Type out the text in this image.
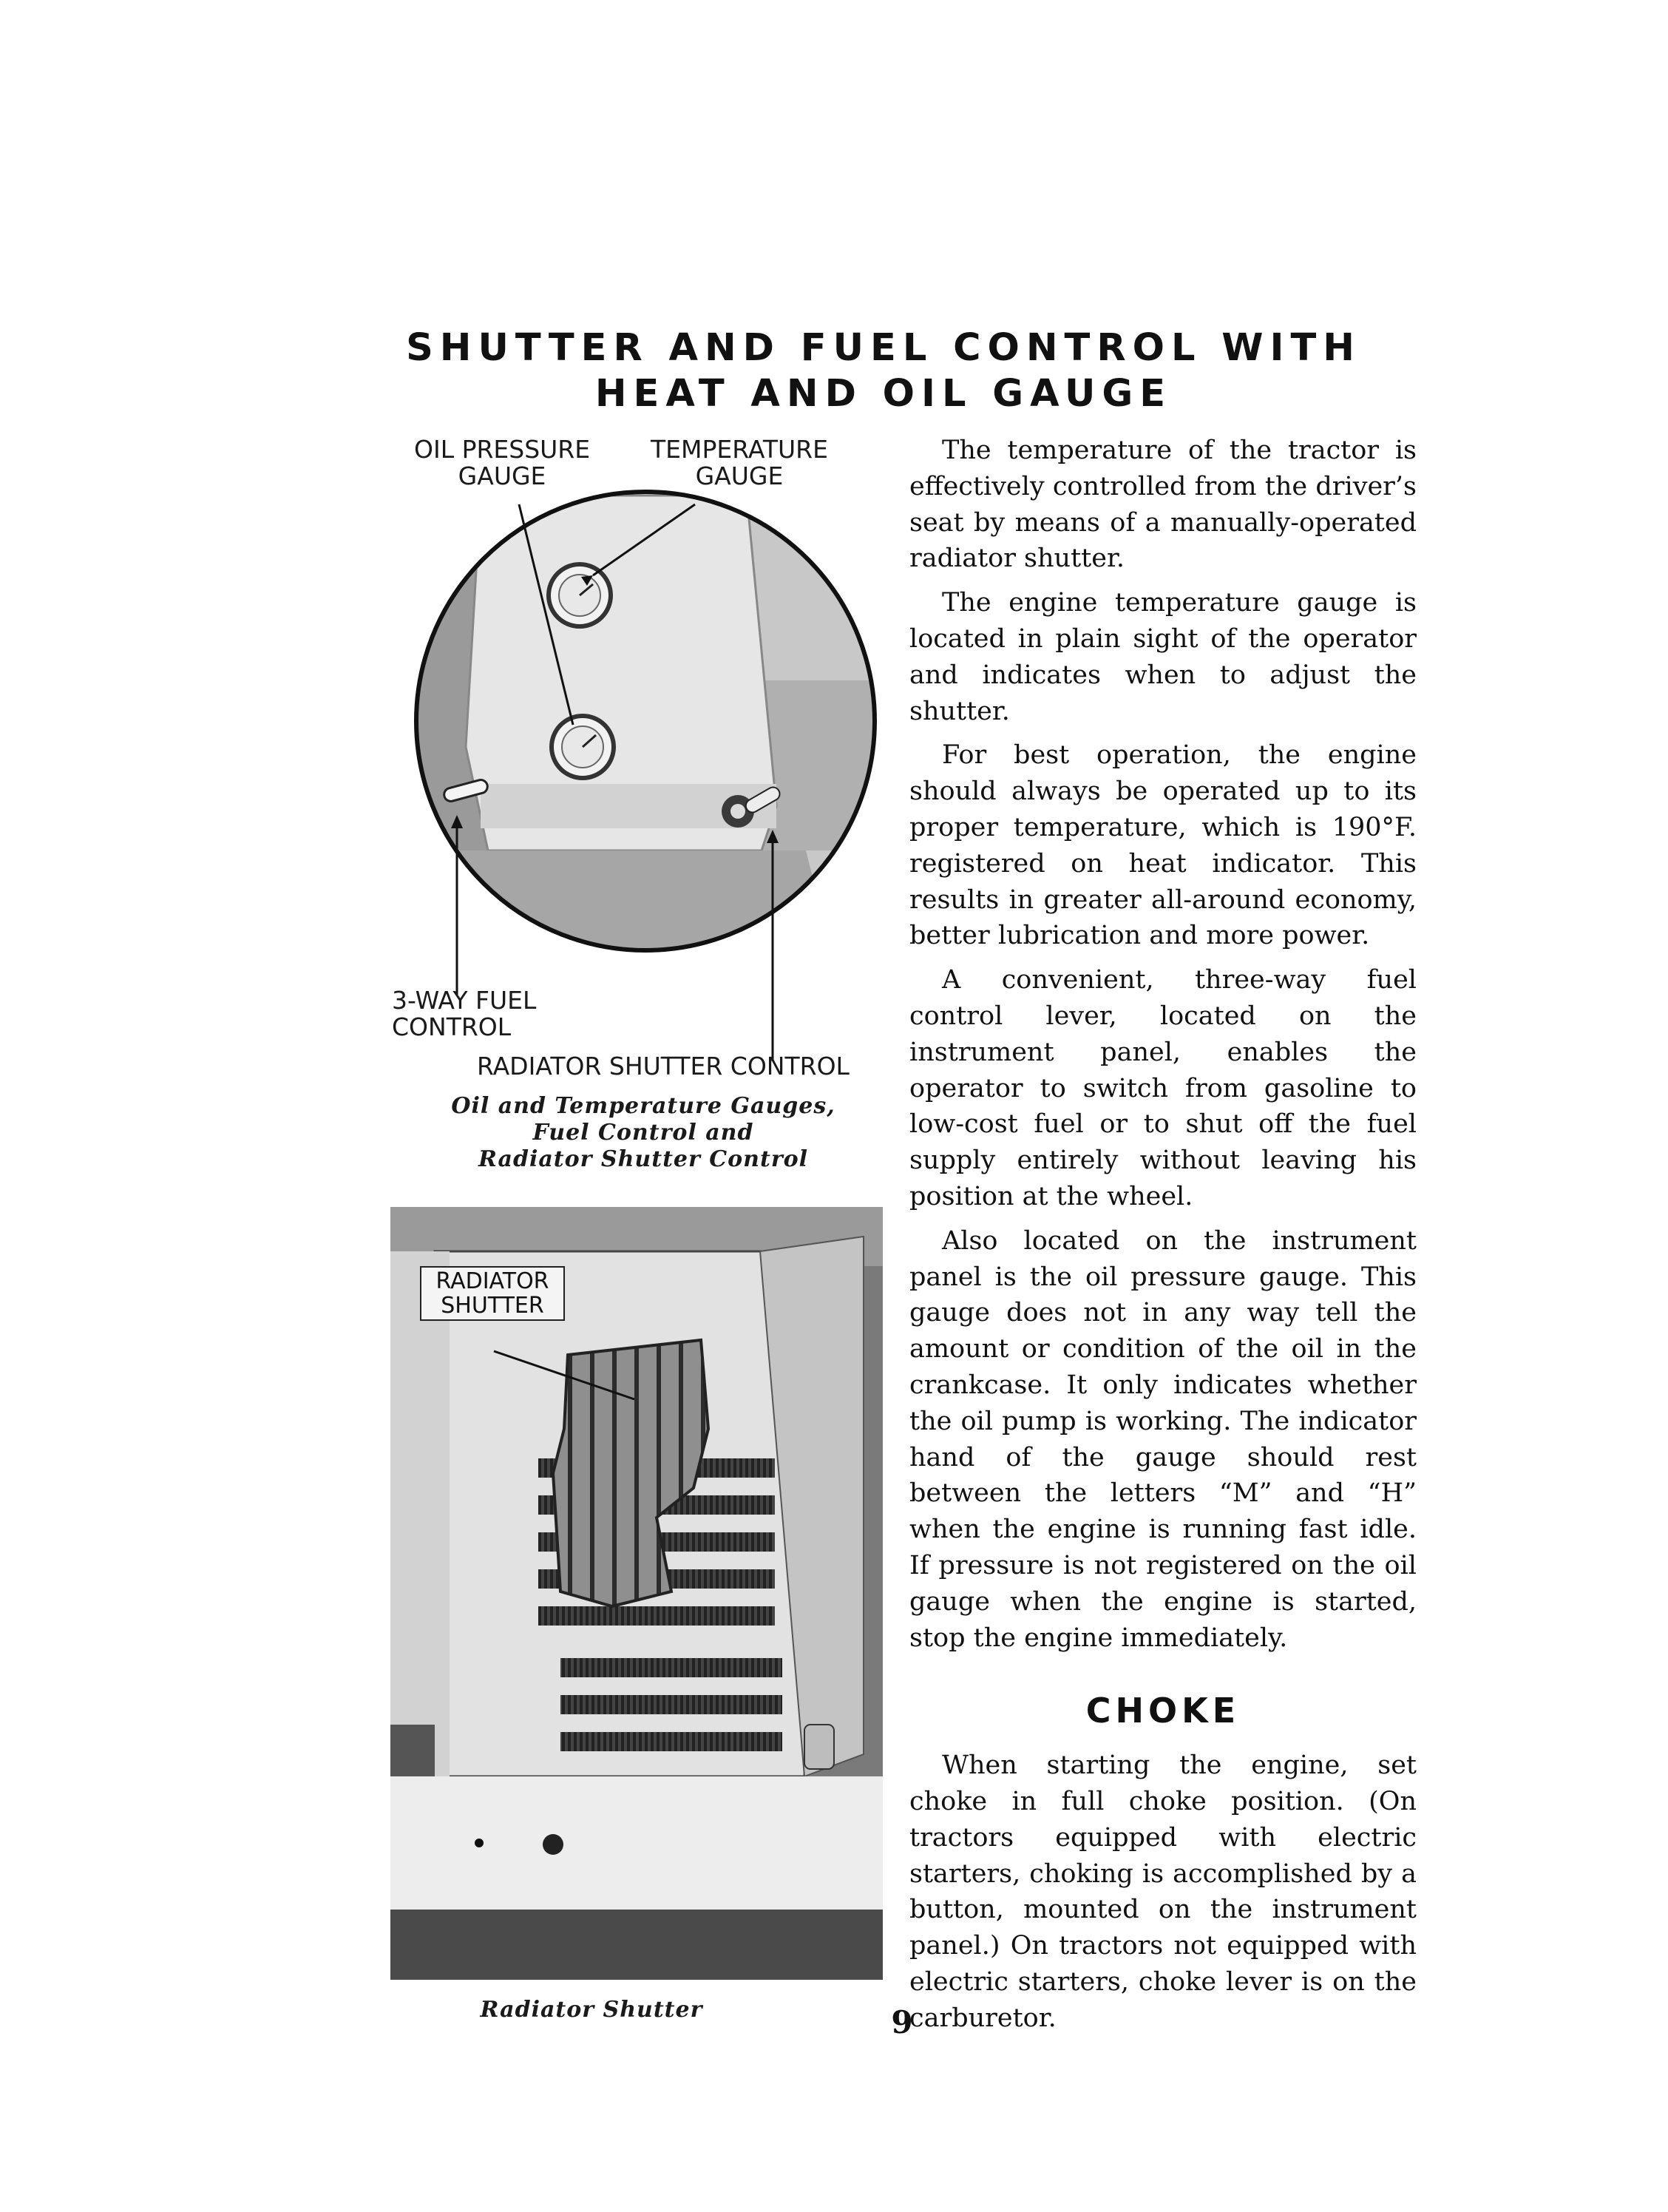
SHUTTER AND FUEL CONTROL WITH
HEAT AND OIL GAUGE
OIL PRESSURE
GAUGE
TEMPERATURE
GAUGE
3-WAY FUEL
CONTROL
RADIATOR SHUTTER CONTROL
Oil and Temperature Gauges,
Fuel Control and
Radiator Shutter Control
RADIATOR
SHUTTER
Radiator Shutter

The temperature of the tractor is effectively controlled from the driver’s seat by means of a manually-operated radiator shutter.

The engine temperature gauge is located in plain sight of the operator and indicates when to adjust the shutter.

For best operation, the engine should always be operated up to its proper temperature, which is 190°F. registered on heat indicator. This results in greater all-around economy, better lubrication and more power.

A convenient, three-way fuel control lever, located on the instrument panel, enables the operator to switch from gasoline to low-cost fuel or to shut off the fuel supply entirely without leaving his position at the wheel.

Also located on the instrument panel is the oil pressure gauge. This gauge does not in any way tell the amount or condition of the oil in the crankcase. It only indicates whether the oil pump is working. The indicator hand of the gauge should rest between the letters “M” and “H” when the engine is running fast idle. If pressure is not registered on the oil gauge when the engine is started, stop the engine immediately.

CHOKE

When starting the engine, set choke in full choke position. (On tractors equipped with electric starters, choking is accomplished by a button, mounted on the instrument panel.) On tractors not equipped with electric starters, choke lever is on the carburetor.

9
